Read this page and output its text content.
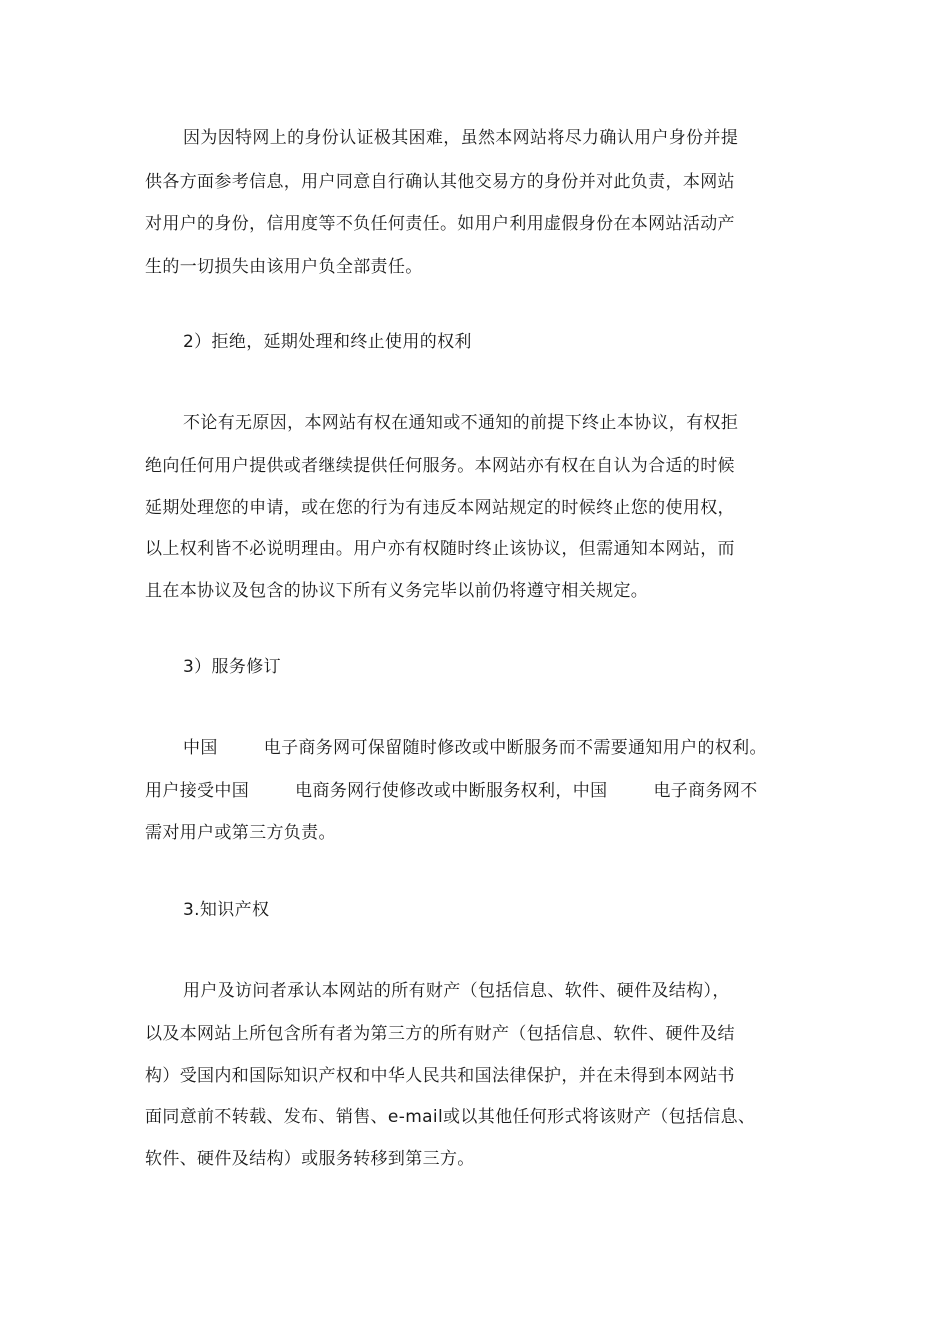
因为因特网上的身份认证极其困难，虽然本网站将尽力确认用户身份并提
供各方面参考信息，用户同意自行确认其他交易方的身份并对此负责，本网站
对用户的身份，信用度等不负任何责任。如用户利用虚假身份在本网站活动产
生的一切损失由该用户负全部责任。
2）拒绝，延期处理和终止使用的权利
不论有无原因，本网站有权在通知或不通知的前提下终止本协议，有权拒
绝向任何用户提供或者继续提供任何服务。本网站亦有权在自认为合适的时候
延期处理您的申请，或在您的行为有违反本网站规定的时候终止您的使用权，
以上权利皆不必说明理由。用户亦有权随时终止该协议，但需通知本网站，而
且在本协议及包含的协议下所有义务完毕以前仍将遵守相关规定。
3）服务修订
中国        电子商务网可保留随时修改或中断服务而不需要通知用户的权利。
用户接受中国        电商务网行使修改或中断服务权利，中国        电子商务网不
需对用户或第三方负责。
3.知识产权
用户及访问者承认本网站的所有财产（包括信息、软件、硬件及结构），
以及本网站上所包含所有者为第三方的所有财产（包括信息、软件、硬件及结
构）受国内和国际知识产权和中华人民共和国法律保护，并在未得到本网站书
面同意前不转载、发布、销售、e-mail或以其他任何形式将该财产（包括信息、
软件、硬件及结构）或服务转移到第三方。
